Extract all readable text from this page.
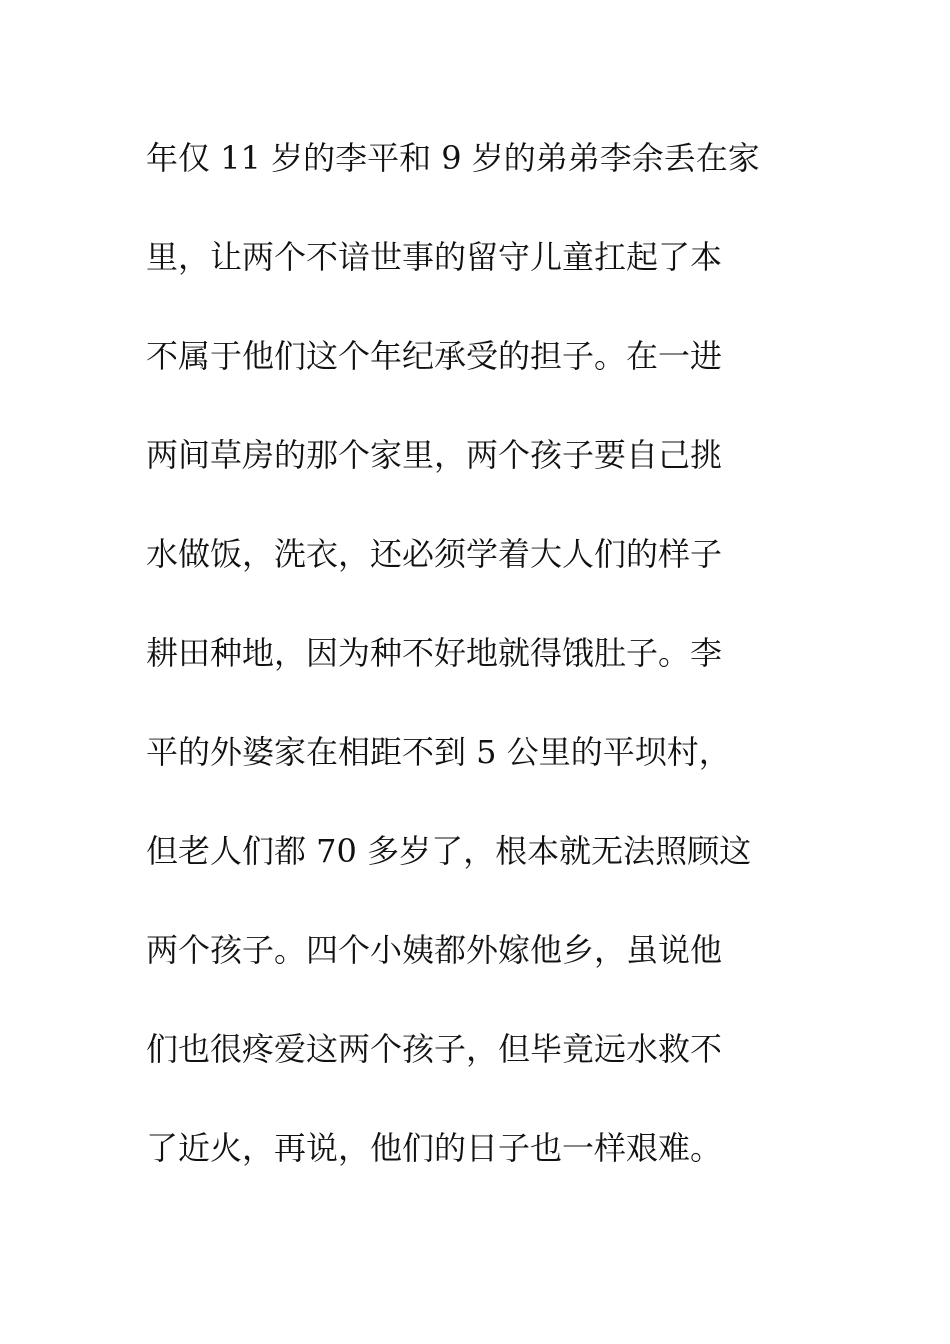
年仅 11 岁的李平和 9 岁的弟弟李余丢在家
里，让两个不谙世事的留守儿童扛起了本
不属于他们这个年纪承受的担子。在一进
两间草房的那个家里，两个孩子要自己挑
水做饭，洗衣，还必须学着大人们的样子
耕田种地，因为种不好地就得饿肚子。李
平的外婆家在相距不到 5 公里的平坝村，
但老人们都 70 多岁了，根本就无法照顾这
两个孩子。四个小姨都外嫁他乡，虽说他
们也很疼爱这两个孩子，但毕竟远水救不
了近火，再说，他们的日子也一样艰难。
